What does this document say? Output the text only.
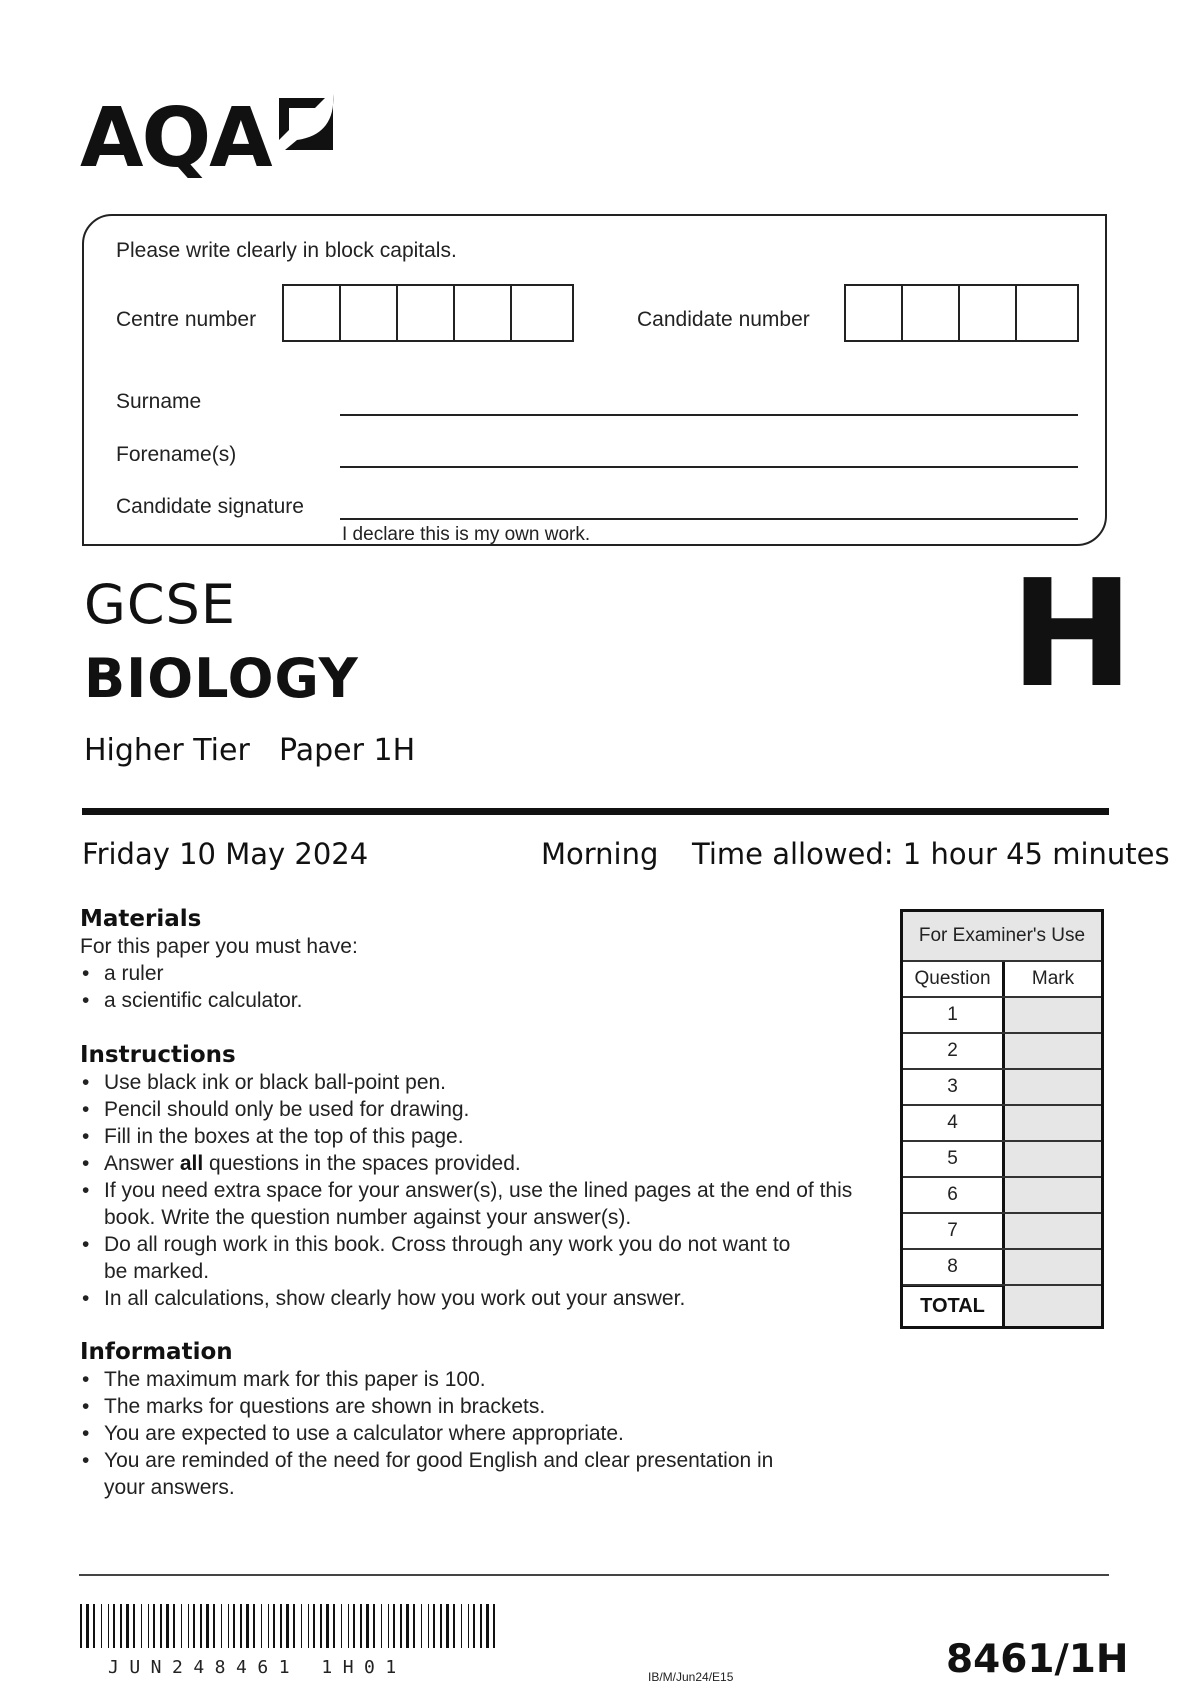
AQA
Please write clearly in block capitals.
Centre number	Candidate number
Surname
Forename(s)
Candidate signature
I declare this is my own work.
GCSE
BIOLOGY
Higher Tier Paper 1H
H
Friday 10 May 2024	Morning Time allowed: 1 hour 45 minutes
Materials
For this paper you must have:
• a ruler
• a scientific calculator.
Instructions
• Use black ink or black ball-point pen.
• Pencil should only be used for drawing.
• Fill in the boxes at the top of this page.
• Answer all questions in the spaces provided.
• If you need extra space for your answer(s), use the lined pages at the end of this book. Write the question number against your answer(s).
• Do all rough work in this book. Cross through any work you do not want to be marked.
• In all calculations, show clearly how you work out your answer.
Information
• The maximum mark for this paper is 100.
• The marks for questions are shown in brackets.
• You are expected to use a calculator where appropriate.
• You are reminded of the need for good English and clear presentation in your answers.
For Examiner's Use
Question	Mark
1
2
3
4
5
6
7
8
TOTAL
JUN248461 1H01	IB/M/Jun24/E15	8461/1H
